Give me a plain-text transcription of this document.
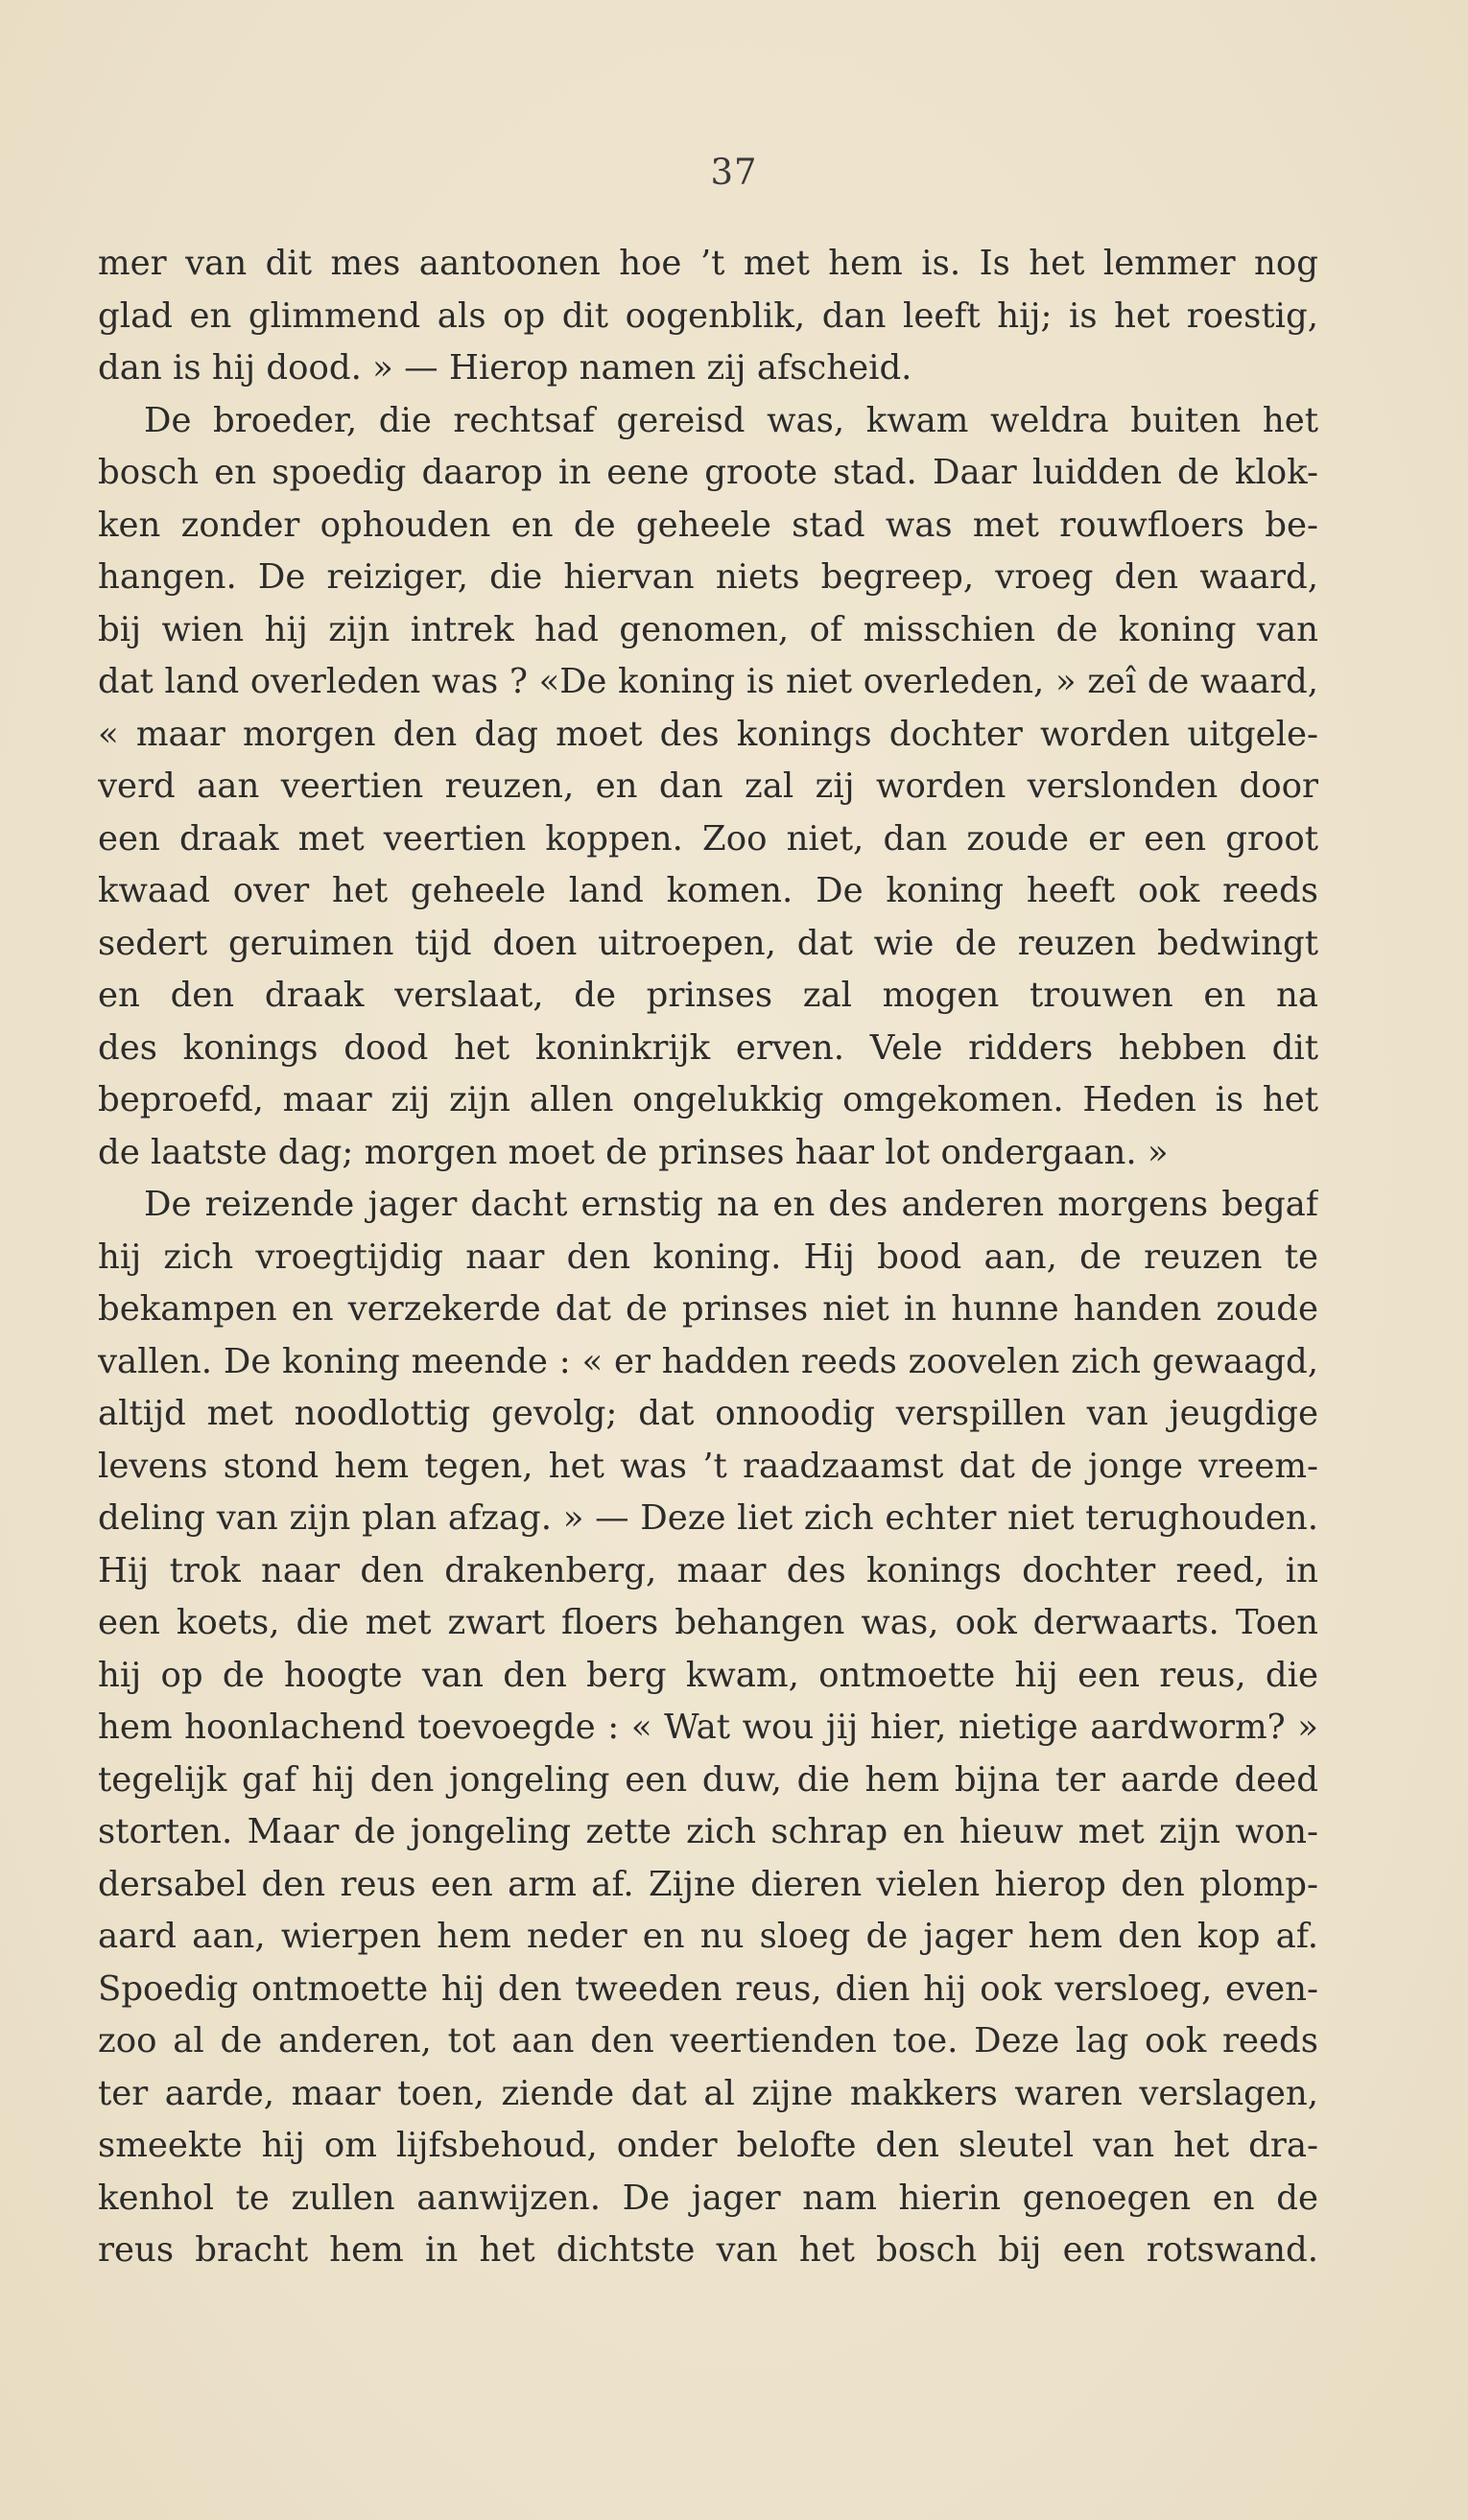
37
mer van dit mes aantoonen hoe ’t met hem is. Is het lemmer nog
glad en glimmend als op dit oogenblik, dan leeft hij; is het roestig,
dan is hij dood. » — Hierop namen zij afscheid.
De broeder, die rechtsaf gereisd was, kwam weldra buiten het
bosch en spoedig daarop in eene groote stad. Daar luidden de klok-
ken zonder ophouden en de geheele stad was met rouwfloers be-
hangen. De reiziger, die hiervan niets begreep, vroeg den waard,
bij wien hij zijn intrek had genomen, of misschien de koning van
dat land overleden was ? «De koning is niet overleden, » zeî de waard,
« maar morgen den dag moet des konings dochter worden uitgele-
verd aan veertien reuzen, en dan zal zij worden verslonden door
een draak met veertien koppen. Zoo niet, dan zoude er een groot
kwaad over het geheele land komen. De koning heeft ook reeds
sedert geruimen tijd doen uitroepen, dat wie de reuzen bedwingt
en den draak verslaat, de prinses zal mogen trouwen en na
des konings dood het koninkrijk erven. Vele ridders hebben dit
beproefd, maar zij zijn allen ongelukkig omgekomen. Heden is het
de laatste dag; morgen moet de prinses haar lot ondergaan. »
De reizende jager dacht ernstig na en des anderen morgens begaf
hij zich vroegtijdig naar den koning. Hij bood aan, de reuzen te
bekampen en verzekerde dat de prinses niet in hunne handen zoude
vallen. De koning meende : « er hadden reeds zoovelen zich gewaagd,
altijd met noodlottig gevolg; dat onnoodig verspillen van jeugdige
levens stond hem tegen, het was ’t raadzaamst dat de jonge vreem-
deling van zijn plan afzag. » — Deze liet zich echter niet terughouden.
Hij trok naar den drakenberg, maar des konings dochter reed, in
een koets, die met zwart floers behangen was, ook derwaarts. Toen
hij op de hoogte van den berg kwam, ontmoette hij een reus, die
hem hoonlachend toevoegde : « Wat wou jij hier, nietige aardworm? »
tegelijk gaf hij den jongeling een duw, die hem bijna ter aarde deed
storten. Maar de jongeling zette zich schrap en hieuw met zijn won-
dersabel den reus een arm af. Zijne dieren vielen hierop den plomp-
aard aan, wierpen hem neder en nu sloeg de jager hem den kop af.
Spoedig ontmoette hij den tweeden reus, dien hij ook versloeg, even-
zoo al de anderen, tot aan den veertienden toe. Deze lag ook reeds
ter aarde, maar toen, ziende dat al zijne makkers waren verslagen,
smeekte hij om lijfsbehoud, onder belofte den sleutel van het dra-
kenhol te zullen aanwijzen. De jager nam hierin genoegen en de
reus bracht hem in het dichtste van het bosch bij een rotswand.
